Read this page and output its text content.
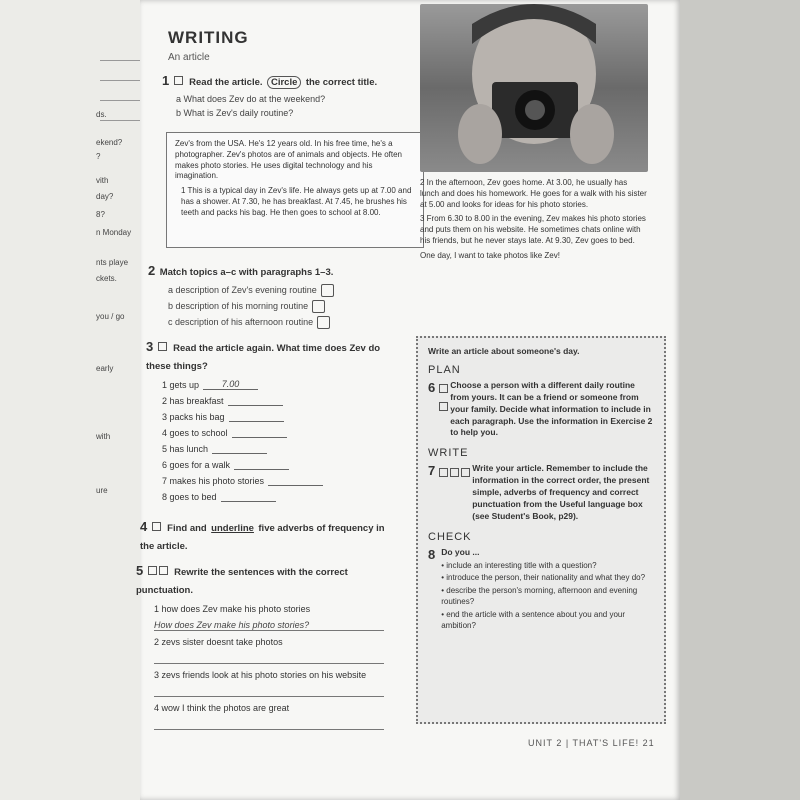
ds.
ekend?
?
vith
day?
8?
n Monday
nts playe
ckets.
you / go
early
with
ure
WRITING
An article
1 Read the article. Circle the correct title.
a What does Zev do at the weekend?
b What is Zev's daily routine?
Zev's from the USA. He's 12 years old. In his free time, he's a photographer. Zev's photos are of animals and objects. He often makes photo stories. He uses digital technology and his imagination.
1 This is a typical day in Zev's life. He always gets up at 7.00 and has a shower. At 7.30, he has breakfast. At 7.45, he brushes his teeth and packs his bag. He then goes to school at 8.00.
2 In the afternoon, Zev goes home. At 3.00, he usually has lunch and does his homework. He goes for a walk with his sister at 5.00 and looks for ideas for his photo stories.
3 From 6.30 to 8.00 in the evening, Zev makes his photo stories and puts them on his website. He sometimes chats online with his friends, but he never stays late. At 9.30, Zev goes to bed.
One day, I want to take photos like Zev!
2 Match topics a–c with paragraphs 1–3.
a description of Zev's evening routine
b description of his morning routine
c description of his afternoon routine
3 Read the article again. What time does Zev do these things?
1 gets up	7.00
2 has breakfast
3 packs his bag
4 goes to school
5 has lunch
6 goes for a walk
7 makes his photo stories
8 goes to bed
4 Find and underline five adverbs of frequency in the article.
5	Rewrite the sentences with the correct punctuation.
1 how does Zev make his photo stories
How does Zev make his photo stories?
2 zevs sister doesnt take photos
3 zevs friends look at his photo stories on his website
4 wow I think the photos are great
Write an article about someone's day.
PLAN
6 Choose a person with a different daily routine from yours. It can be a friend or someone from your family. Decide what information to include in each paragraph. Use the information in Exercise 2 to help you.
WRITE
7	Write your article. Remember to include the information in the correct order, the present simple, adverbs of frequency and correct punctuation from the Useful language box (see Student's Book, p29).
CHECK
8 Do you ...
• include an interesting title with a question?
• introduce the person, their nationality and what they do?
• describe the person's morning, afternoon and evening routines?
• end the article with a sentence about you and your ambition?
UNIT 2 | THAT'S LIFE! 21
